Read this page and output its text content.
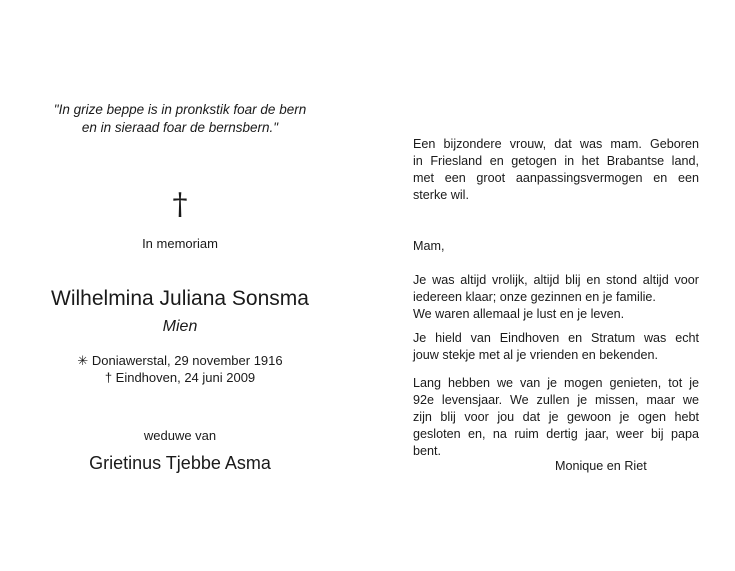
"In grize beppe is in pronkstik foar de bern
en in sieraad foar de bernsbern."
†
In memoriam
Wilhelmina Juliana Sonsma
Mien
✳ Doniawerstal, 29 november 1916
† Eindhoven, 24 juni 2009
weduwe van
Grietinus Tjebbe Asma
Een bijzondere vrouw, dat was mam. Geboren
in Friesland en getogen in het Brabantse land,
met een groot aanpassingsvermogen en een
sterke wil.
Mam,
Je was altijd vrolijk, altijd blij en stond altijd voor
iedereen klaar; onze gezinnen en je familie.
We waren allemaal je lust en je leven.
Je hield van Eindhoven en Stratum was echt
jouw stekje met al je vrienden en bekenden.
Lang hebben we van je mogen genieten, tot je
92e levensjaar. We zullen je missen, maar we
zijn blij voor jou dat je gewoon je ogen hebt
gesloten en, na ruim dertig jaar, weer bij papa
bent.
Monique en Riet
